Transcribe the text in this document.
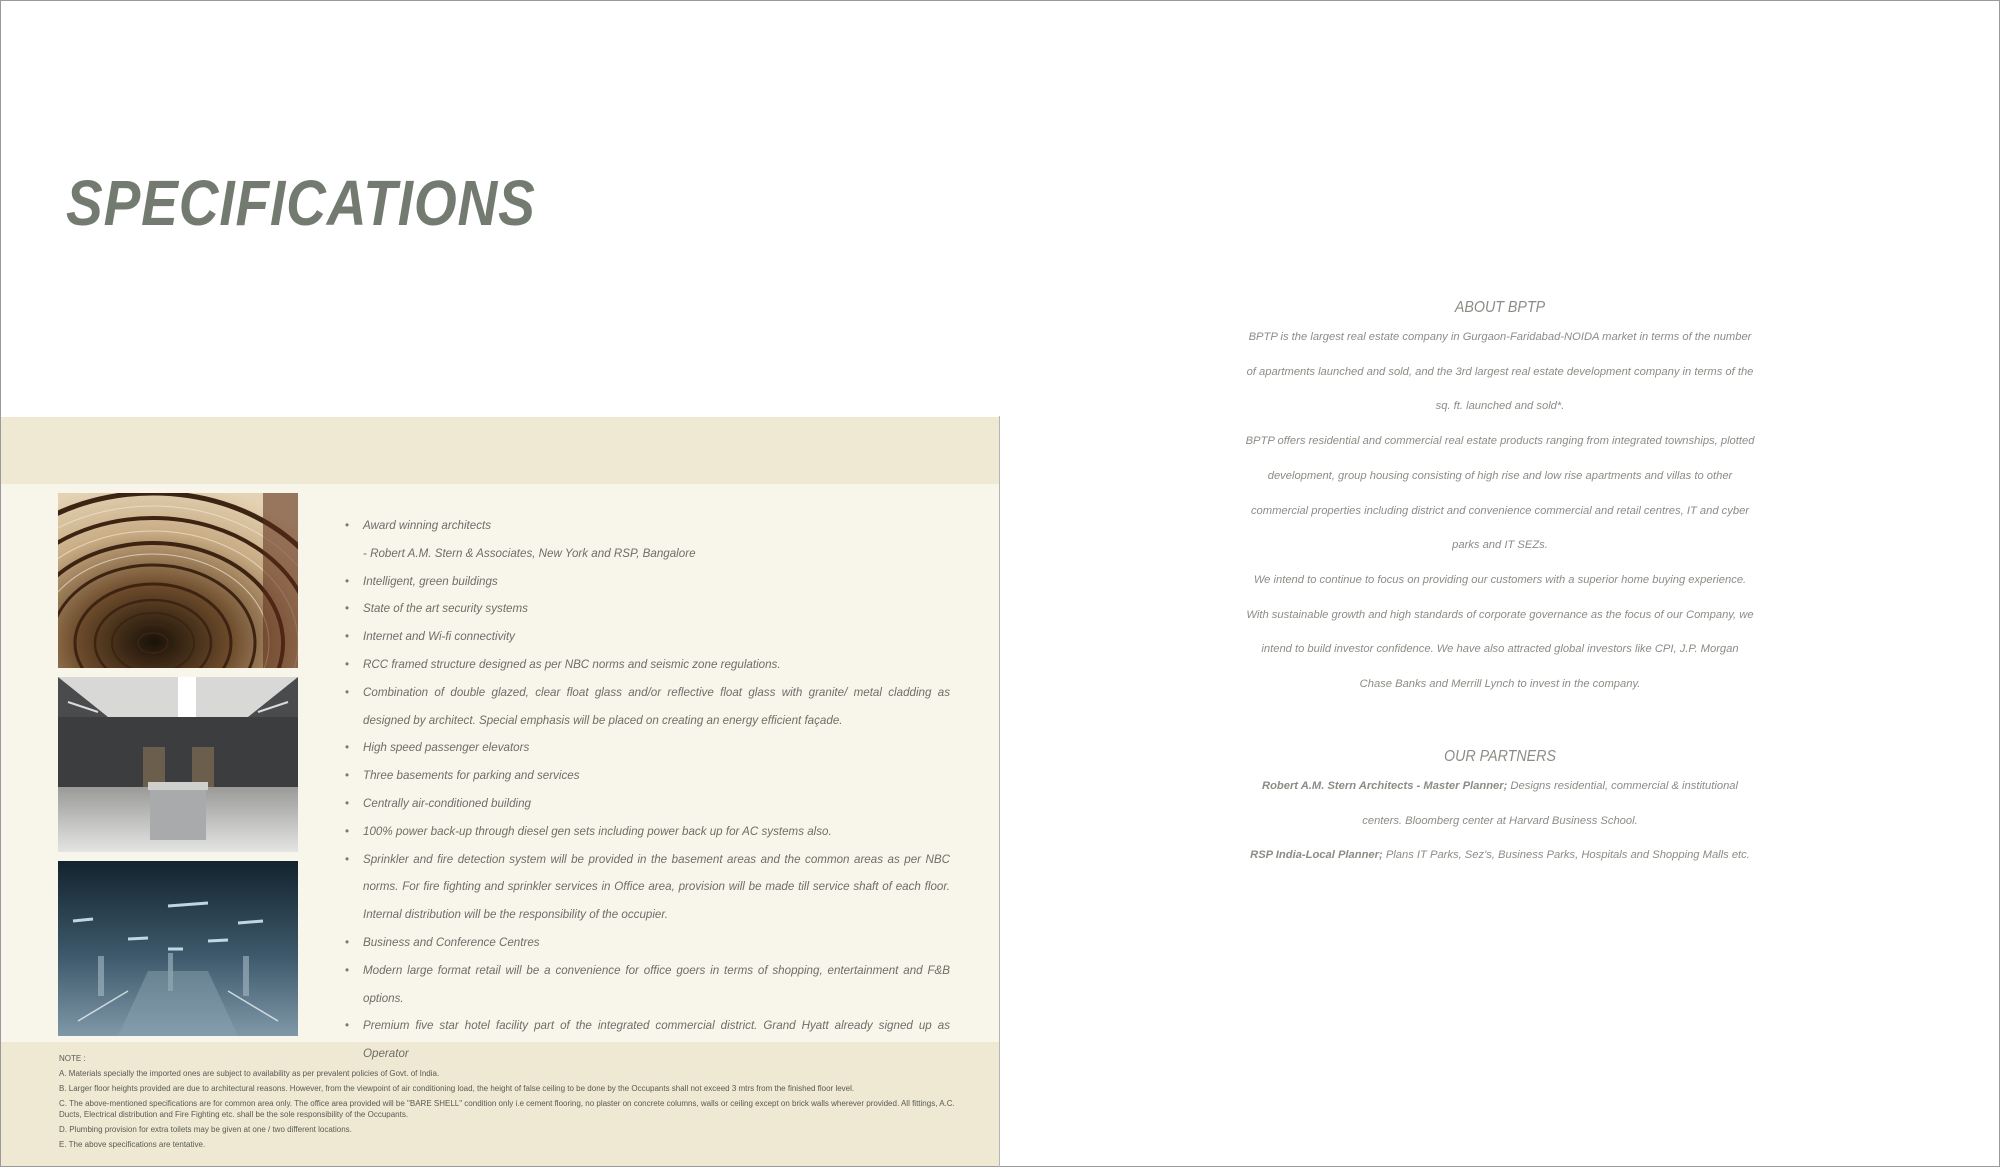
SPECIFICATIONS
• Award winning architects
- Robert A.M. Stern & Associates, New York and RSP, Bangalore
• Intelligent, green buildings
• State of the art security systems
• Internet and Wi-fi connectivity
• RCC framed structure designed as per NBC norms and seismic zone regulations.
• Combination of double glazed, clear float glass and/or reflective float glass with granite/ metal cladding as designed by architect. Special emphasis will be placed on creating an energy efficient façade.
• High speed passenger elevators
• Three basements for parking and services
• Centrally air-conditioned building
• 100% power back-up through diesel gen sets including power back up for AC systems also.
• Sprinkler and fire detection system will be provided in the basement areas and the common areas as per NBC norms. For fire fighting and sprinkler services in Office area, provision will be made till service shaft of each floor. Internal distribution will be the responsibility of the occupier.
• Business and Conference Centres
• Modern large format retail will be a convenience for office goers in terms of shopping, entertainment and F&B options.
• Premium five star hotel facility part of the integrated commercial district. Grand Hyatt already signed up as Operator

NOTE :

A. Materials specially the imported ones are subject to availability as per prevalent policies of Govt. of India.

B. Larger floor heights provided are due to architectural reasons. However, from the viewpoint of air conditioning load, the height of false ceiling to be done by the Occupants shall not exceed 3 mtrs from the finished floor level.

C. The above-mentioned specifications are for common area only. The office area provided will be "BARE SHELL" condition only i.e cement flooring, no plaster on concrete columns, walls or ceiling except on brick walls wherever provided. All fittings, A.C. Ducts, Electrical distribution and Fire Fighting etc. shall be the sole responsibility of the Occupants.

D. Plumbing provision for extra toilets may be given at one / two different locations.

E. The above specifications are tentative.

ABOUT BPTP

BPTP is the largest real estate company in Gurgaon-Faridabad-NOIDA market in terms of the number of apartments launched and sold, and the 3rd largest real estate development company in terms of the sq. ft. launched and sold*.

BPTP offers residential and commercial real estate products ranging from integrated townships, plotted development, group housing consisting of high rise and low rise apartments and villas to other commercial properties including district and convenience commercial and retail centres, IT and cyber parks and IT SEZs.

We intend to continue to focus on providing our customers with a superior home buying experience. With sustainable growth and high standards of corporate governance as the focus of our Company, we intend to build investor confidence. We have also attracted global investors like CPI, J.P. Morgan Chase Banks and Merrill Lynch to invest in the company.

OUR PARTNERS

Robert A.M. Stern Architects - Master Planner; Designs residential, commercial & institutional centers. Bloomberg center at Harvard Business School.

RSP India-Local Planner; Plans IT Parks, Sez's, Business Parks, Hospitals and Shopping Malls etc.
